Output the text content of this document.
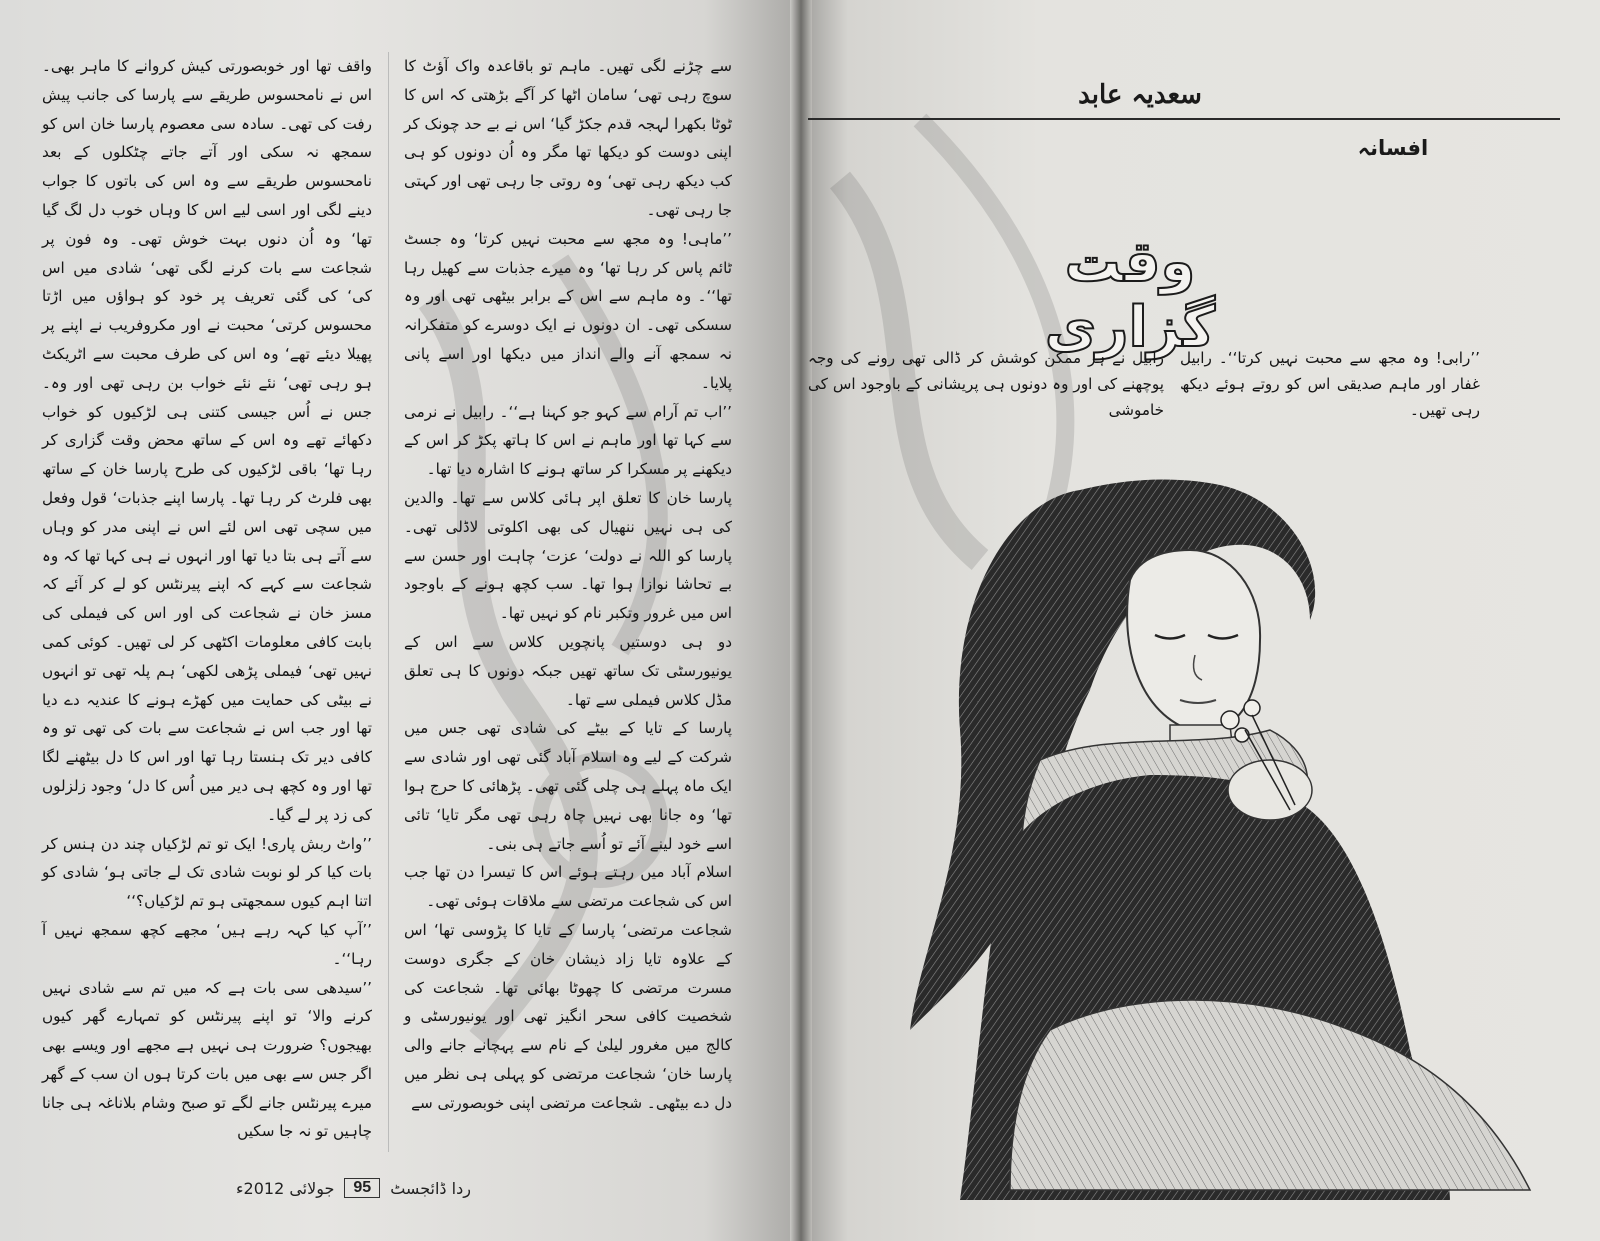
واقف تھا اور خوبصورتی کیش کروانے کا ماہر بھی۔ اس نے نامحسوس طریقے سے پارسا کی جانب پیش رفت کی تھی۔ سادہ سی معصوم پارسا خان اس کو سمجھ نہ سکی اور آتے جاتے چٹکلوں کے بعد نامحسوس طریقے سے وہ اس کی باتوں کا جواب دینے لگی اور اسی لیے اس کا وہاں خوب دل لگ گیا تھا‘ وہ اُن دنوں بہت خوش تھی۔ وہ فون پر شجاعت سے بات کرنے لگی تھی‘ شادی میں اس کی‘ کی گئی تعریف پر خود کو ہواؤں میں اڑتا محسوس کرتی‘ محبت نے اور مکروفریب نے اپنے پر پھیلا دیئے تھے‘ وہ اس کی طرف محبت سے اٹریکٹ ہو رہی تھی‘ نئے نئے خواب بن رہی تھی اور وہ۔ جس نے اُس جیسی کتنی ہی لڑکیوں کو خواب دکھائے تھے وہ اس کے ساتھ محض وقت گزاری کر رہا تھا‘ باقی لڑکیوں کی طرح پارسا خان کے ساتھ بھی فلرٹ کر رہا تھا۔ پارسا اپنے جذبات‘ قول وفعل میں سچی تھی اس لئے اس نے اپنی مدر کو وہاں سے آتے ہی بتا دیا تھا اور انہوں نے ہی کہا تھا کہ وہ شجاعت سے کہے کہ اپنے پیرنٹس کو لے کر آئے کہ مسز خان نے شجاعت کی اور اس کی فیملی کی بابت کافی معلومات اکٹھی کر لی تھیں۔ کوئی کمی نہیں تھی‘ فیملی پڑھی لکھی‘ ہم پلہ تھی تو انہوں نے بیٹی کی حمایت میں کھڑے ہونے کا عندیہ دے دیا تھا اور جب اس نے شجاعت سے بات کی تھی تو وہ کافی دیر تک ہنستا رہا تھا اور اس کا دل بیٹھنے لگا تھا اور وہ کچھ ہی دیر میں اُس کا دل‘ وجود زلزلوں کی زد پر لے گیا۔

’’واٹ ربش پاری! ایک تو تم لڑکیاں چند دن ہنس کر بات کیا کر لو نوبت شادی تک لے جاتی ہو‘ شادی کو اتنا اہم کیوں سمجھتی ہو تم لڑکیاں؟‘‘

’’آپ کیا کہہ رہے ہیں‘ مجھے کچھ سمجھ نہیں آ رہا‘‘۔

’’سیدھی سی بات ہے کہ میں تم سے شادی نہیں کرنے والا‘ تو اپنے پیرنٹس کو تمہارے گھر کیوں بھیجوں؟ ضرورت ہی نہیں ہے مجھے اور ویسے بھی اگر جس سے بھی میں بات کرتا ہوں ان سب کے گھر میرے پیرنٹس جانے لگے تو صبح وشام بلاناغہ ہی جانا چاہیں تو نہ جا سکیں

سے چڑنے لگی تھیں۔ ماہم تو باقاعدہ واک آؤٹ کا سوچ رہی تھی‘ سامان اٹھا کر آگے بڑھتی کہ اس کا ٹوٹا بکھرا لہجہ قدم جکڑ گیا‘ اس نے بے حد چونک کر اپنی دوست کو دیکھا تھا مگر وہ اُن دونوں کو ہی کب دیکھ رہی تھی‘ وہ روتی جا رہی تھی اور کہتی جا رہی تھی۔

’’ماہی! وہ مجھ سے محبت نہیں کرتا‘ وہ جسٹ ٹائم پاس کر رہا تھا‘ وہ میرے جذبات سے کھیل رہا تھا‘‘۔ وہ ماہم سے اس کے برابر بیٹھی تھی اور وہ سسکی تھی۔ ان دونوں نے ایک دوسرے کو متفکرانہ نہ سمجھ آنے والے انداز میں دیکھا اور اسے پانی پلایا۔

’’اب تم آرام سے کہو جو کہنا ہے‘‘۔ رابیل نے نرمی سے کہا تھا اور ماہم نے اس کا ہاتھ پکڑ کر اس کے دیکھنے پر مسکرا کر ساتھ ہونے کا اشارہ دیا تھا۔

پارسا خان کا تعلق اپر ہائی کلاس سے تھا۔ والدین کی ہی نہیں ننھیال کی بھی اکلوتی لاڈلی تھی۔ پارسا کو اللہ نے دولت‘ عزت‘ چاہت اور حسن سے بے تحاشا نوازا ہوا تھا۔ سب کچھ ہونے کے باوجود اس میں غرور وتکبر نام کو نہیں تھا۔

دو ہی دوستیں پانچویں کلاس سے اس کے یونیورسٹی تک ساتھ تھیں جبکہ دونوں کا ہی تعلق مڈل کلاس فیملی سے تھا۔

پارسا کے تایا کے بیٹے کی شادی تھی جس میں شرکت کے لیے وہ اسلام آباد گئی تھی اور شادی سے ایک ماہ پہلے ہی چلی گئی تھی۔ پڑھائی کا حرج ہوا تھا‘ وہ جانا بھی نہیں چاہ رہی تھی مگر تایا‘ تائی اسے خود لینے آئے تو اُسے جاتے ہی بنی۔

اسلام آباد میں رہتے ہوئے اس کا تیسرا دن تھا جب اس کی شجاعت مرتضی سے ملاقات ہوئی تھی۔

شجاعت مرتضی‘ پارسا کے تایا کا پڑوسی تھا‘ اس کے علاوہ تایا زاد ذیشان خان کے جگری دوست مسرت مرتضی کا چھوٹا بھائی تھا۔ شجاعت کی شخصیت کافی سحر انگیز تھی اور یونیورسٹی و کالج میں مغرور لیلیٰ کے نام سے پہچانے جانے والی پارسا خان‘ شجاعت مرتضی کو پہلی ہی نظر میں دل دے بیٹھی۔ شجاعت مرتضی اپنی خوبصورتی سے

ردا ڈائجسٹ
95
جولائی 2012ء
سعدیہ عابد
افسانہ
وقت گزاری
’’رابی! وہ مجھ سے محبت نہیں کرتا‘‘۔ رابیل غفار اور ماہم صدیقی اس کو روتے ہوئے دیکھ رہی تھیں۔
رابیل نے ہر ممکن کوشش کر ڈالی تھی رونے کی وجہ پوچھنے کی اور وہ دونوں ہی پریشانی کے باوجود اس کی خاموشی
